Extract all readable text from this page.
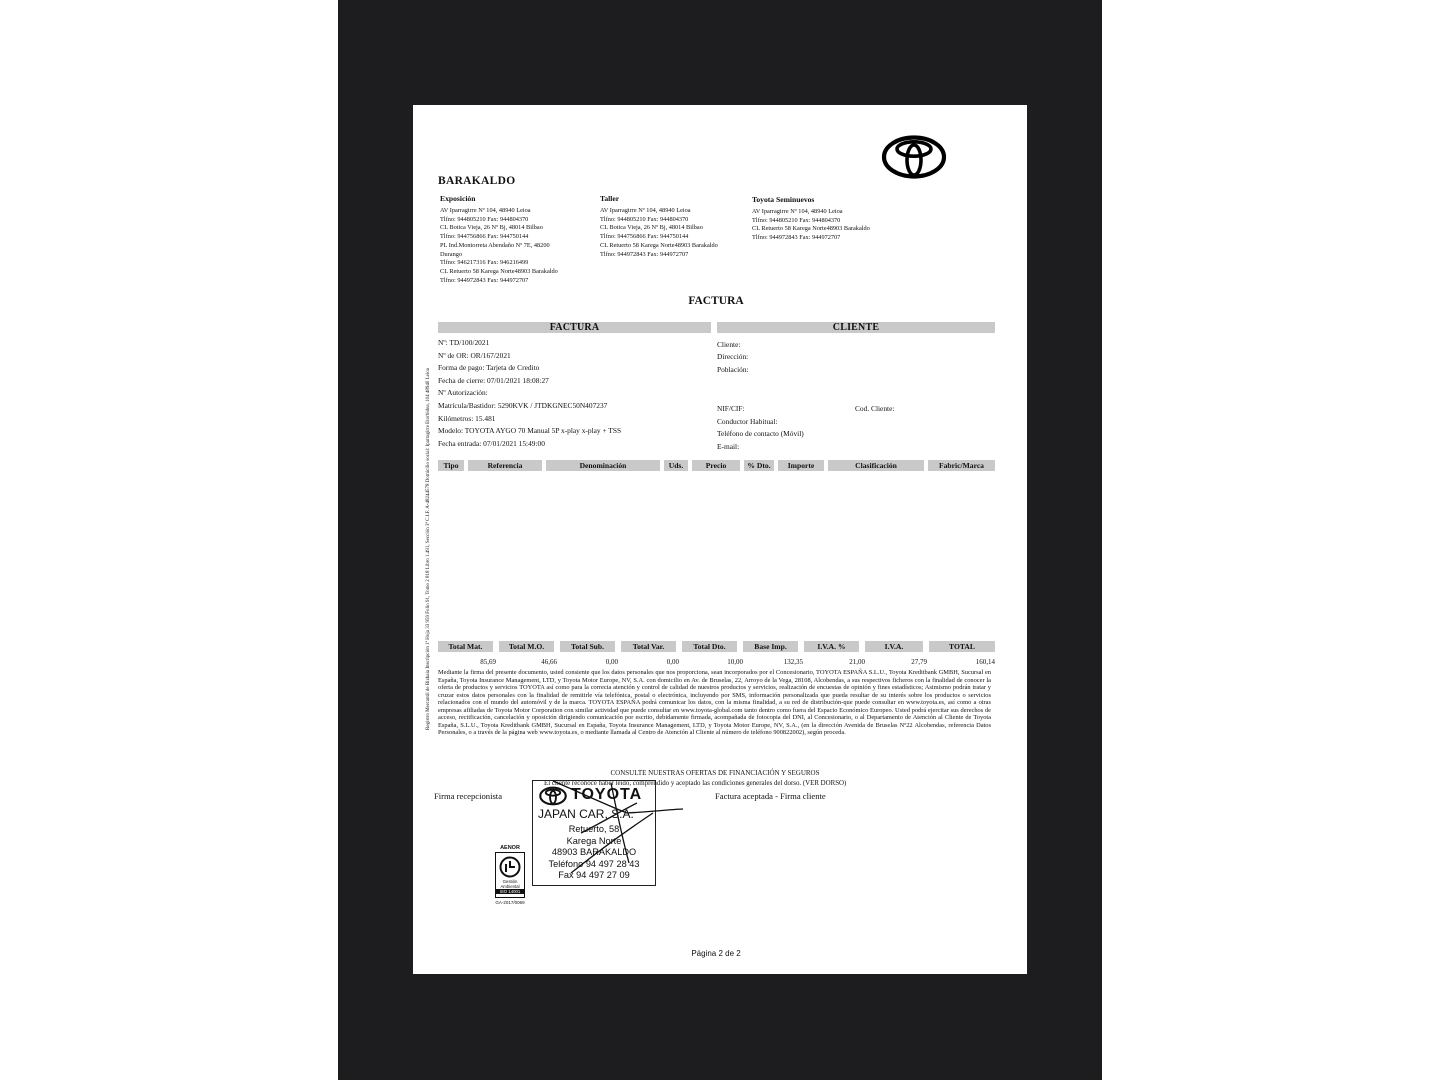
BARAKALDO
Exposición
AV Iparragirre Nº 104, 48940 Leioa
Tlfno: 944805210 Fax: 944804370
CL Botica Vieja, 26 Nº Bj, 48014 Bilbao
Tlfno: 944756866 Fax: 944750144
PL Ind.Montorreta Abendaño Nº 7E, 48200
Durango
Tlfno: 946217316 Fax: 946216499
CL Retuerto 58 Karega Norte48903 Barakaldo
Tlfno: 944972843 Fax: 944972707
Taller
AV Iparragirre Nº 104, 48940 Leioa
Tlfno: 944805210 Fax: 944804370
CL Botica Vieja, 26 Nº Bj, 48014 Bilbao
Tlfno: 944756866 Fax: 944750144
CL Retuerto 58 Karega Norte48903 Barakaldo
Tlfno: 944972843 Fax: 944972707
Toyota Seminuevos
AV Iparragirre Nº 104, 48940 Leioa
Tlfno: 944805210 Fax: 944804370
CL Retuerto 58 Karega Norte48903 Barakaldo
Tlfno: 944972843 Fax: 944972707
Registro Mercantil de Bizkaia Inscripción 1ª Hoja 33 959 Folio 91, Tomo 2 818 Libro 1.491, Sección 3ª C.I.F. A-48244578 Domicilio social: Iparragirre Etorbidea, 104 48940 Leioa
FACTURA
FACTURA	CLIENTE
Nº: TD/100/2021
Nº de OR: OR/167/2021
Forma de pago: Tarjeta de Credito
Fecha de cierre: 07/01/2021 18:08:27
Nº Autorización:
Matrícula/Bastidor: 5290KVK / JTDKGNEC50N407237
Kilómetros: 15.481
Modelo: TOYOTA AYGO 70 Manual 5P x-play x-play + TSS
Fecha entrada: 07/01/2021 15:49:00
Cliente:
Dirección:
Población:
NIF/CIF:	Cod. Cliente:
Conductor Habitual:
Teléfono de contacto (Móvil)
E-mail:
Tipo	Referencia	Denominación	Uds.	Precio	% Dto.	Importe	Clasificación	Fabric/Marca
Total Mat.	Total M.O.	Total Sub.	Total Var.	Total Dto.	Base Imp.	I.V.A. %	I.V.A.	TOTAL
85,69	46,66	0,00	0,00	10,00	132,35	21,00	27,79	160,14
Mediante la firma del presente documento, usted consiente que los datos personales que nos proporciona, sean incorporados por el Concesionario, TOYOTA ESPAÑA S.L.U., Toyota Kreditbank GMBH, Sucursal en España, Toyota Insurance Management, LTD, y Toyota Motor Europe, NV, S.A. con domicilio en Av. de Bruselas, 22, Arroyo de la Vega, 28108, Alcobendas, a sus respectivos ficheros con la finalidad de conocer la oferta de productos y servicios TOYOTA así como para la correcta atención y control de calidad de nuestros productos y servicios, realización de encuestas de opinión y fines estadísticos; Asimismo podrán tratar y cruzar estos datos personales con la finalidad de remitirle vía telefónica, postal o electrónica, incluyendo por SMS, información personalizada que pueda resultar de su interés sobre los productos o servicios relacionados con el mundo del automóvil y de la marca. TOYOTA ESPAÑA podrá comunicar los datos, con la misma finalidad, a su red de distribución-que puede consultar en www.toyota.es, así como a otras empresas afiliadas de Toyota Motor Corporation con similar actividad que puede consultar en www.toyota-global.com tanto dentro como fuera del Espacio Económico Europeo. Usted podrá ejercitar sus derechos de acceso, rectificación, cancelación y oposición dirigiendo comunicación por escrito, debidamente firmada, acompañada de fotocopia del DNI, al Concesionario, o al Departamento de Atención al Cliente de Toyota España, S.L.U., Toyota Kreditbank GMBH, Sucursal en España, Toyota Insurance Management, LTD, y Toyota Motor Europe, NV, S.A., (en la dirección Avenida de Bruselas Nº22 Alcobendas, referencia Datos Personales, o a través de la página web www.toyota.es, o mediante llamada al Centro de Atención al Cliente al número de teléfono 900822002), según proceda.
CONSULTE NUESTRAS OFERTAS DE FINANCIACIÓN Y SEGUROS
El cliente reconoce haber leído, comprendido y aceptado las condiciones generales del dorso. (VER DORSO)
Firma recepcionista	Factura aceptada - Firma cliente
TOYOTA
JAPAN CAR, S.A.
Retuerto, 58
Karega Norte
48903 BARAKALDO
Teléfono 94 497 28 43
Fax 94 497 27 09
AENOR
Gestión
Ambiental
ISO 14001
GA-2017/0069
Página 2 de 2
